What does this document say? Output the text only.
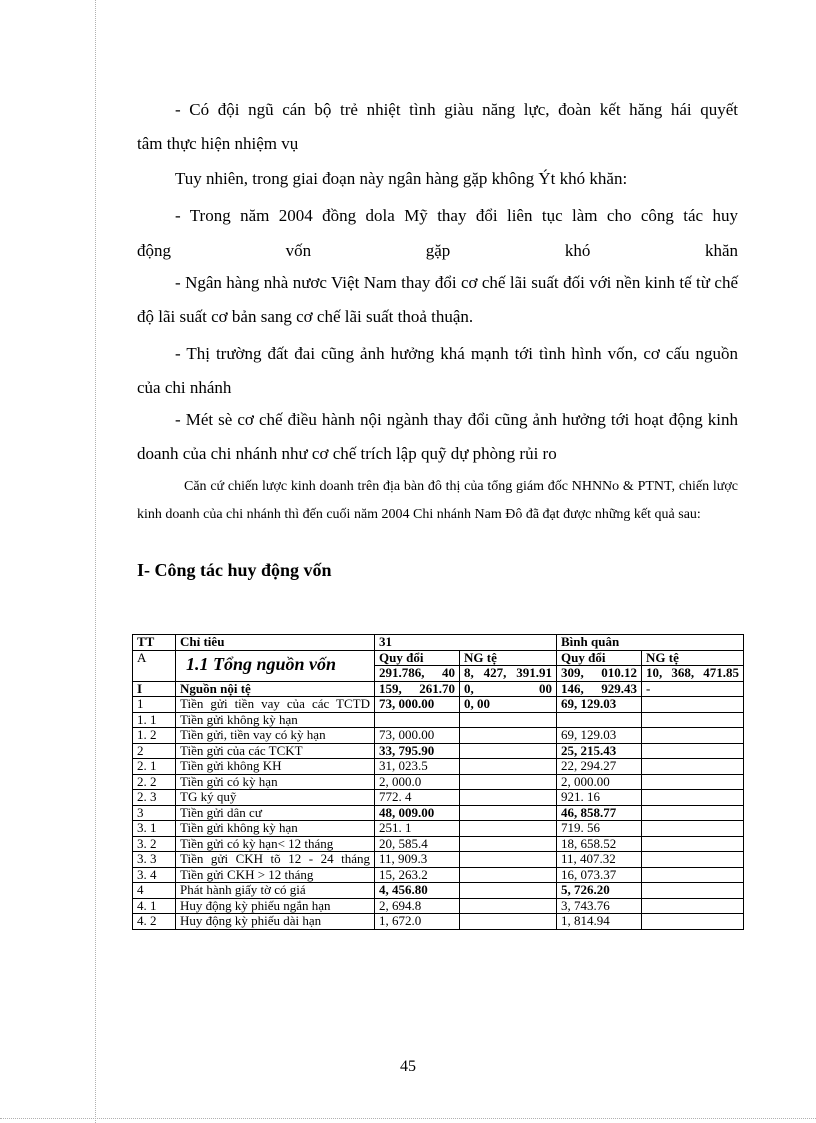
- Có đội ngũ cán bộ trẻ nhiệt tình giàu năng lực, đoàn kết hăng hái quyết

tâm thực hiện nhiệm vụ

Tuy nhiên, trong giai đoạn này ngân hàng gặp không Ýt khó khăn:

- Trong năm 2004 đồng dola Mỹ thay đổi liên tục làm cho công tác huy

động vốn gặp khó khăn

- Ngân hàng nhà nươc Việt Nam thay đổi cơ chế lãi suất đối với nền kinh tế từ chế độ lãi suất cơ bản sang cơ chế lãi suất thoả thuận.

- Thị trường đất đai cũng ảnh hưởng khá mạnh tới tình hình vốn, cơ cấu nguồn của chi nhánh

- Mét sè cơ chế điều hành nội ngành thay đổi cũng ảnh hưởng tới hoạt động kinh doanh của chi nhánh như cơ chế trích lập quỹ dự phòng rủi ro

Căn cứ chiến lược kinh doanh trên địa bàn đô thị của tổng giám đốc NHNNo & PTNT, chiến lược kinh doanh của chi nhánh thì đến cuối năm 2004 Chi nhánh Nam Đô đã đạt được những kết quả sau:

I- Công tác huy động vốn
TT	Chỉ tiêu	31		Bình quân	
A	1.1 Tổng nguồn vốn	Quy đổi	NG tệ	Quy đổi	NG tệ
		291.786, 40	8, 427, 391.91	309, 010.12	10, 368, 471.85
I	Nguồn nội tệ	159, 261.70	0, 00	146, 929.43	-
1	Tiền gửi tiền vay của các TCTD	73, 000.00	0, 00	69, 129.03	
1. 1	Tiền gửi không kỳ hạn				
1. 2	Tiền gửi, tiền vay có kỳ hạn	73, 000.00		69, 129.03	
2	Tiền gửi của các TCKT	33, 795.90		25, 215.43	
2. 1	Tiền gửi không KH	31, 023.5		22, 294.27	
2. 2	Tiền gửi có kỳ hạn	2, 000.0		2, 000.00	
2. 3	TG ký quỹ	772. 4		921. 16	
3	Tiền gửi dân cư	48, 009.00		46, 858.77	
3. 1	Tiền gửi không kỳ hạn	251. 1		719. 56	
3. 2	Tiền gửi có kỳ hạn< 12 tháng	20, 585.4		18, 658.52	
3. 3	Tiền gửi CKH tõ 12 - 24 tháng	11, 909.3		11, 407.32	
3. 4	Tiền gửi CKH > 12 tháng	15, 263.2		16, 073.37	
4	Phát hành giấy tờ có giá	4, 456.80		5, 726.20	
4. 1	Huy động kỳ phiếu ngắn hạn	2, 694.8		3, 743.76	
4. 2	Huy động kỳ phiếu dài hạn	1, 672.0		1, 814.94	
45
